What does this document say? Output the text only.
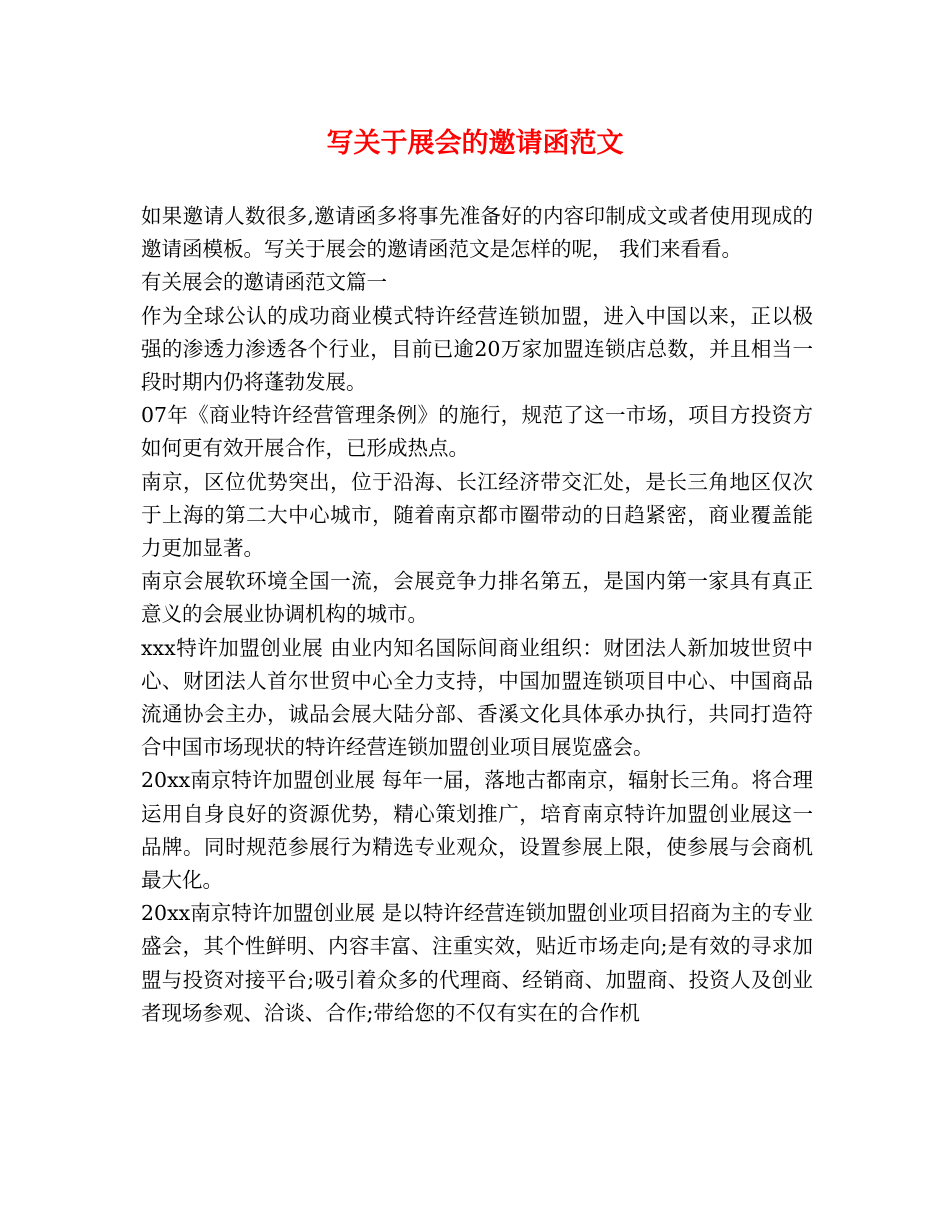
写关于展会的邀请函范文

如果邀请人数很多,邀请函多将事先准备好的内容印制成文或者使用现成的邀请函模板。写关于展会的邀请函范文是怎样的呢， 我们来看看。

有关展会的邀请函范文篇一

作为全球公认的成功商业模式特许经营连锁加盟，进入中国以来，正以极强的渗透力渗透各个行业，目前已逾20万家加盟连锁店总数，并且相当一段时期内仍将蓬勃发展。

07年《商业特许经营管理条例》的施行，规范了这一市场，项目方投资方如何更有效开展合作，已形成热点。

南京，区位优势突出，位于沿海、长江经济带交汇处，是长三角地区仅次于上海的第二大中心城市，随着南京都市圈带动的日趋紧密，商业覆盖能力更加显著。

南京会展软环境全国一流，会展竞争力排名第五，是国内第一家具有真正意义的会展业协调机构的城市。

xxx特许加盟创业展 由业内知名国际间商业组织：财团法人新加坡世贸中心、财团法人首尔世贸中心全力支持，中国加盟连锁项目中心、中国商品流通协会主办，诚品会展大陆分部、香溪文化具体承办执行，共同打造符合中国市场现状的特许经营连锁加盟创业项目展览盛会。

20xx南京特许加盟创业展 每年一届，落地古都南京，辐射长三角。将合理运用自身良好的资源优势，精心策划推广，培育南京特许加盟创业展这一品牌。同时规范参展行为精选专业观众，设置参展上限，使参展与会商机最大化。

20xx南京特许加盟创业展 是以特许经营连锁加盟创业项目招商为主的专业盛会，其个性鲜明、内容丰富、注重实效，贴近市场走向;是有效的寻求加盟与投资对接平台;吸引着众多的代理商、经销商、加盟商、投资人及创业者现场参观、洽谈、合作;带给您的不仅有实在的合作机
